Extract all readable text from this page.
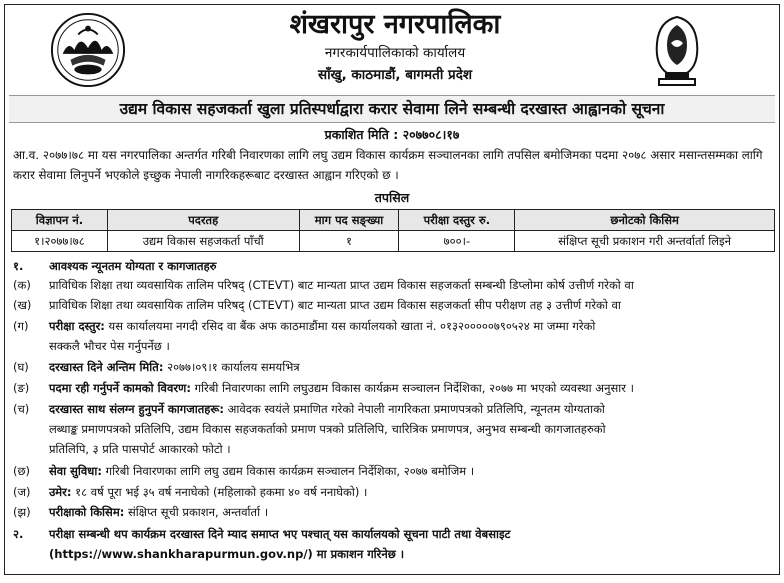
शंखरापुर नगरपालिका
नगरकार्यपालिकाको कार्यालय
साँखु, काठमाडौं, बागमती प्रदेश
उद्यम विकास सहजकर्ता खुला प्रतिस्पर्धाद्वारा करार सेवामा लिने सम्बन्धी दरखास्त आह्वानको सूचना
प्रकाशित मिति : २०७७०८।१७
आ.व. २०७७।७८ मा यस नगरपालिका अन्तर्गत गरिबी निवारणका लागि लघु उद्यम विकास कार्यक्रम सञ्चालनका लागि तपसिल बमोजिमका पदमा २०७८ असार मसान्तसम्मका लागि करार सेवामा लिनुपर्ने भएकोले इच्छुक नेपाली नागरिकहरूबाट दरखास्त आह्वान गरिएको छ ।
तपसिल
विज्ञापन नं.	पदरतह	माग पद सङ्ख्या	परीक्षा दस्तुर रु.	छनोटको किसिम
१।२०७७।७८	उद्यम विकास सहजकर्ता पाँचौं	१	७००।-	संक्षिप्त सूची प्रकाशन गरी अन्तर्वार्ता लिइने
१.	आवश्यक न्यूनतम योग्यता र कागजातहरु
(क)	प्राविधिक शिक्षा तथा व्यवसायिक तालिम परिषद् (CTEVT) बाट मान्यता प्राप्त उद्यम विकास सहजकर्ता सम्बन्धी डिप्लोमा कोर्ष उत्तीर्ण गरेको वा
(ख)	प्राविधिक शिक्षा तथा व्यवसायिक तालिम परिषद् (CTEVT) बाट मान्यता प्राप्त उद्यम विकास सहजकर्ता सीप परीक्षण तह ३ उत्तीर्ण गरेको वा
(ग)	परीक्षा दस्तुर: यस कार्यालयमा नगदी रसिद वा बैंक अफ काठमाडौंमा यस कार्यालयको खाता नं. ०१३२०००००७९०५२४ मा जम्मा गरेको
सक्कलै भौचर पेस गर्नुपर्नेछ ।
(घ)	दरखास्त दिने अन्तिम मिति: २०७७।०९।१ कार्यालय समयभित्र
(ङ)	पदमा रही गर्नुपर्ने कामको विवरण: गरिबी निवारणका लागि लघुउद्यम विकास कार्यक्रम सञ्चालन निर्देशिका, २०७७ मा भएको व्यवस्था अनुसार ।
(च)	दरखास्त साथ संलग्न हुनुपर्ने कागजातहरू: आवेदक स्वयंले प्रमाणित गरेको नेपाली नागरिकता प्रमाणपत्रको प्रतिलिपि, न्यूनतम योग्यताको
लब्धाङ्क प्रमाणपत्रको प्रतिलिपि, उद्यम विकास सहजकर्ताको प्रमाण पत्रको प्रतिलिपि, चारित्रिक प्रमाणपत्र, अनुभव सम्बन्धी कागजातहरुको
प्रतिलिपि, ३ प्रति पासपोर्ट आकारको फोटो ।
(छ)	सेवा सुविधा: गरिबी निवारणका लागि लघु उद्यम विकास कार्यक्रम सञ्चालन निर्देशिका, २०७७ बमोजिम ।
(ज)	उमेर: १८ वर्ष पूरा भई ३५ वर्ष ननाघेको (महिलाको हकमा ४० वर्ष ननाघेको) ।
(झ)	परीक्षाको किसिम: संक्षिप्त सूची प्रकाशन, अन्तर्वार्ता ।
२.	परीक्षा सम्बन्धी थप कार्यक्रम दरखास्त दिने म्याद समाप्त भए पश्चात् यस कार्यालयको सूचना पाटी तथा वेबसाइट
(https://www.shankharapurmun.gov.np/) मा प्रकाशन गरिनेछ ।
